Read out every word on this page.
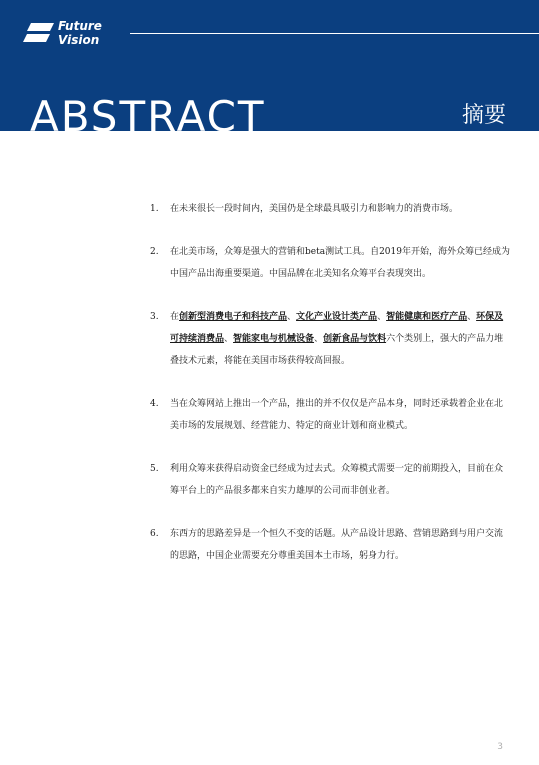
Future
Vision
ABSTRACT	摘要
1. 在未来很长一段时间内，美国仍是全球最具吸引力和影响力的消费市场。
2. 在北美市场，众筹是强大的营销和beta测试工具。自2019年开始，海外众筹已经成为中国产品出海重要渠道。中国品牌在北美知名众筹平台表现突出。
3. 在创新型消费电子和科技产品、文化产业设计类产品、智能健康和医疗产品、环保及可持续消费品、智能家电与机械设备、创新食品与饮料六个类别上，强大的产品力堆叠技术元素，将能在美国市场获得较高回报。
4. 当在众筹网站上推出一个产品，推出的并不仅仅是产品本身，同时还承载着企业在北美市场的发展规划、经营能力、特定的商业计划和商业模式。
5. 利用众筹来获得启动资金已经成为过去式。众筹模式需要一定的前期投入，目前在众筹平台上的产品很多都来自实力雄厚的公司而非创业者。
6. 东西方的思路差异是一个恒久不变的话题。从产品设计思路、营销思路到与用户交流的思路，中国企业需要充分尊重美国本土市场，躬身力行。
3
